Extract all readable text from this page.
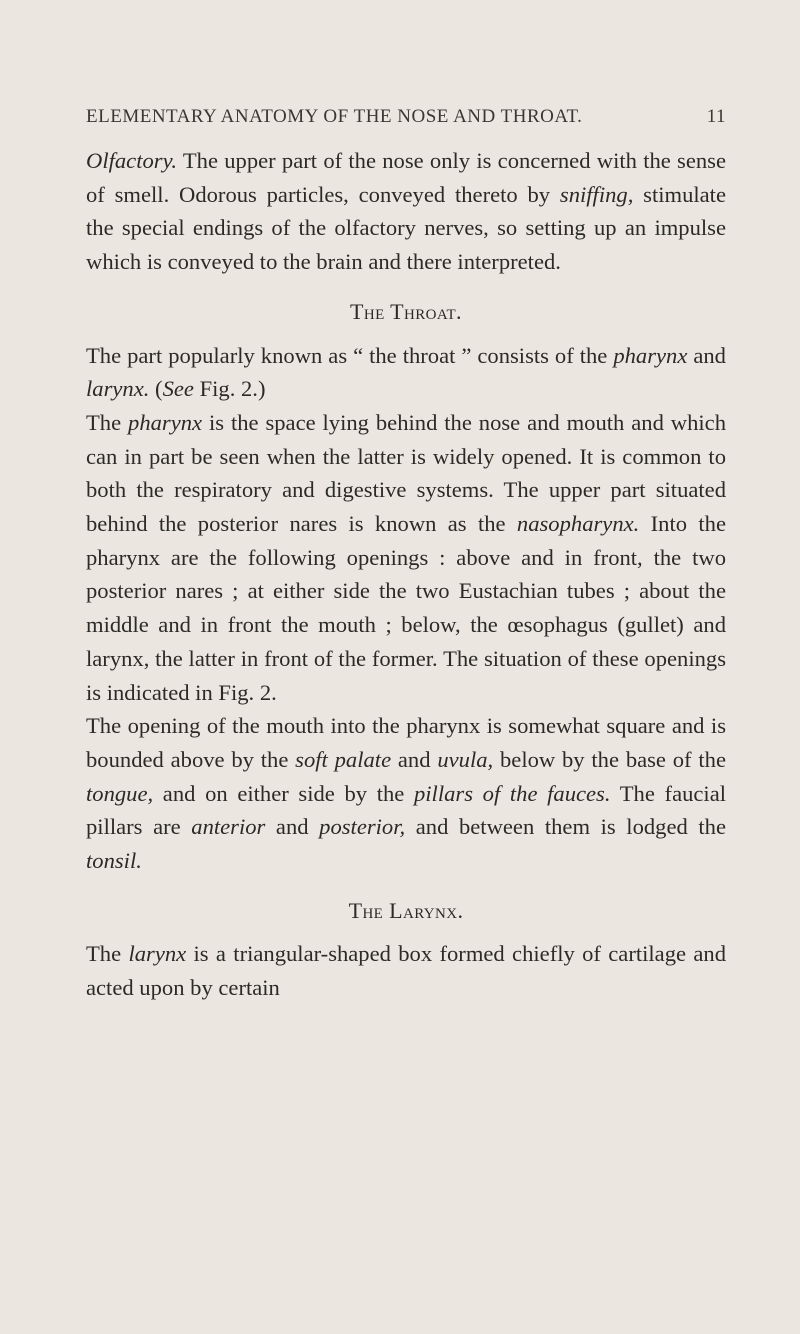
ELEMENTARY ANATOMY OF THE NOSE AND THROAT.	11

Olfactory. The upper part of the nose only is concerned with the sense of smell. Odorous particles, conveyed thereto by sniffing, stimulate the special endings of the olfactory nerves, so setting up an impulse which is conveyed to the brain and there interpreted.

The Throat.

The part popularly known as “ the throat ” consists of the pharynx and larynx. (See Fig. 2.)

The pharynx is the space lying behind the nose and mouth and which can in part be seen when the latter is widely opened. It is common to both the respiratory and digestive systems. The upper part situated behind the posterior nares is known as the nasopharynx. Into the pharynx are the following openings : above and in front, the two posterior nares ; at either side the two Eustachian tubes ; about the middle and in front the mouth ; below, the œsophagus (gullet) and larynx, the latter in front of the former. The situation of these openings is indicated in Fig. 2.

The opening of the mouth into the pharynx is somewhat square and is bounded above by the soft palate and uvula, below by the base of the tongue, and on either side by the pillars of the fauces. The faucial pillars are anterior and posterior, and between them is lodged the tonsil.

The Larynx.

The larynx is a triangular-shaped box formed chiefly of cartilage and acted upon by certain
